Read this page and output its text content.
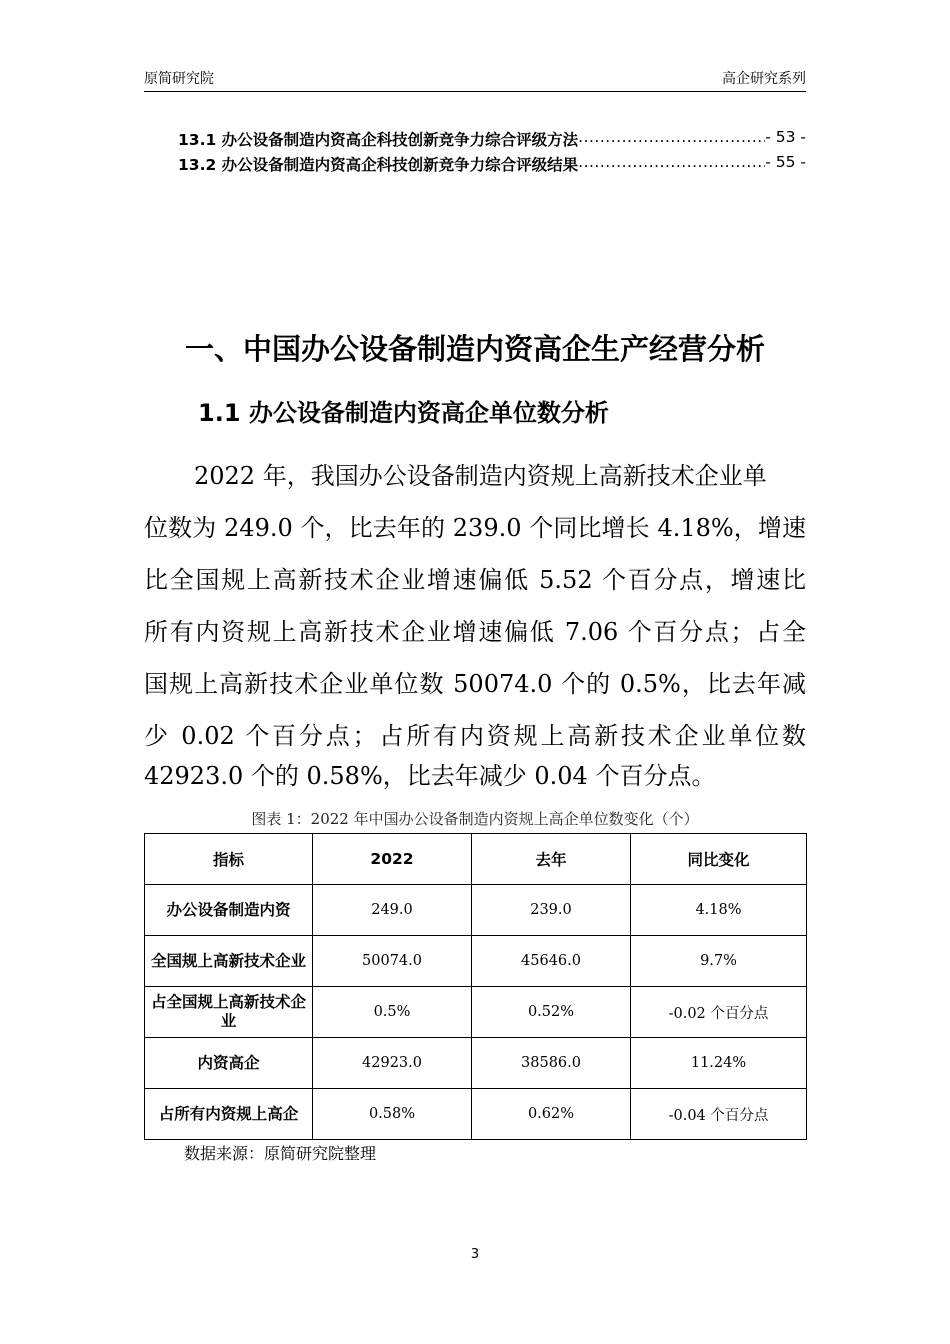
原简研究院	高企研究系列
13.1 办公设备制造内资高企科技创新竞争力综合评级方法 .....	- 53 -
13.2 办公设备制造内资高企科技创新竞争力综合评级结果 .....	- 55 -
一、中国办公设备制造内资高企生产经营分析
1.1 办公设备制造内资高企单位数分析
2022 年，我国办公设备制造内资规上高新技术企业单
位数为 249.0 个，比去年的 239.0 个同比增长 4.18%，增速
比全国规上高新技术企业增速偏低 5.52 个百分点，增速比
所有内资规上高新技术企业增速偏低 7.06 个百分点；占全
国规上高新技术企业单位数 50074.0 个的 0.5%，比去年减
少 0.02 个百分点；占所有内资规上高新技术企业单位数
42923.0 个的 0.58%，比去年减少 0.04 个百分点。
图表 1：2022 年中国办公设备制造内资规上高企单位数变化（个）
指标	2022	去年	同比变化
办公设备制造内资	249.0	239.0	4.18%
全国规上高新技术企业	50074.0	45646.0	9.7%
占全国规上高新技术企业	0.5%	0.52%	-0.02 个百分点
内资高企	42923.0	38586.0	11.24%
占所有内资规上高企	0.58%	0.62%	-0.04 个百分点
数据来源：原简研究院整理
3
